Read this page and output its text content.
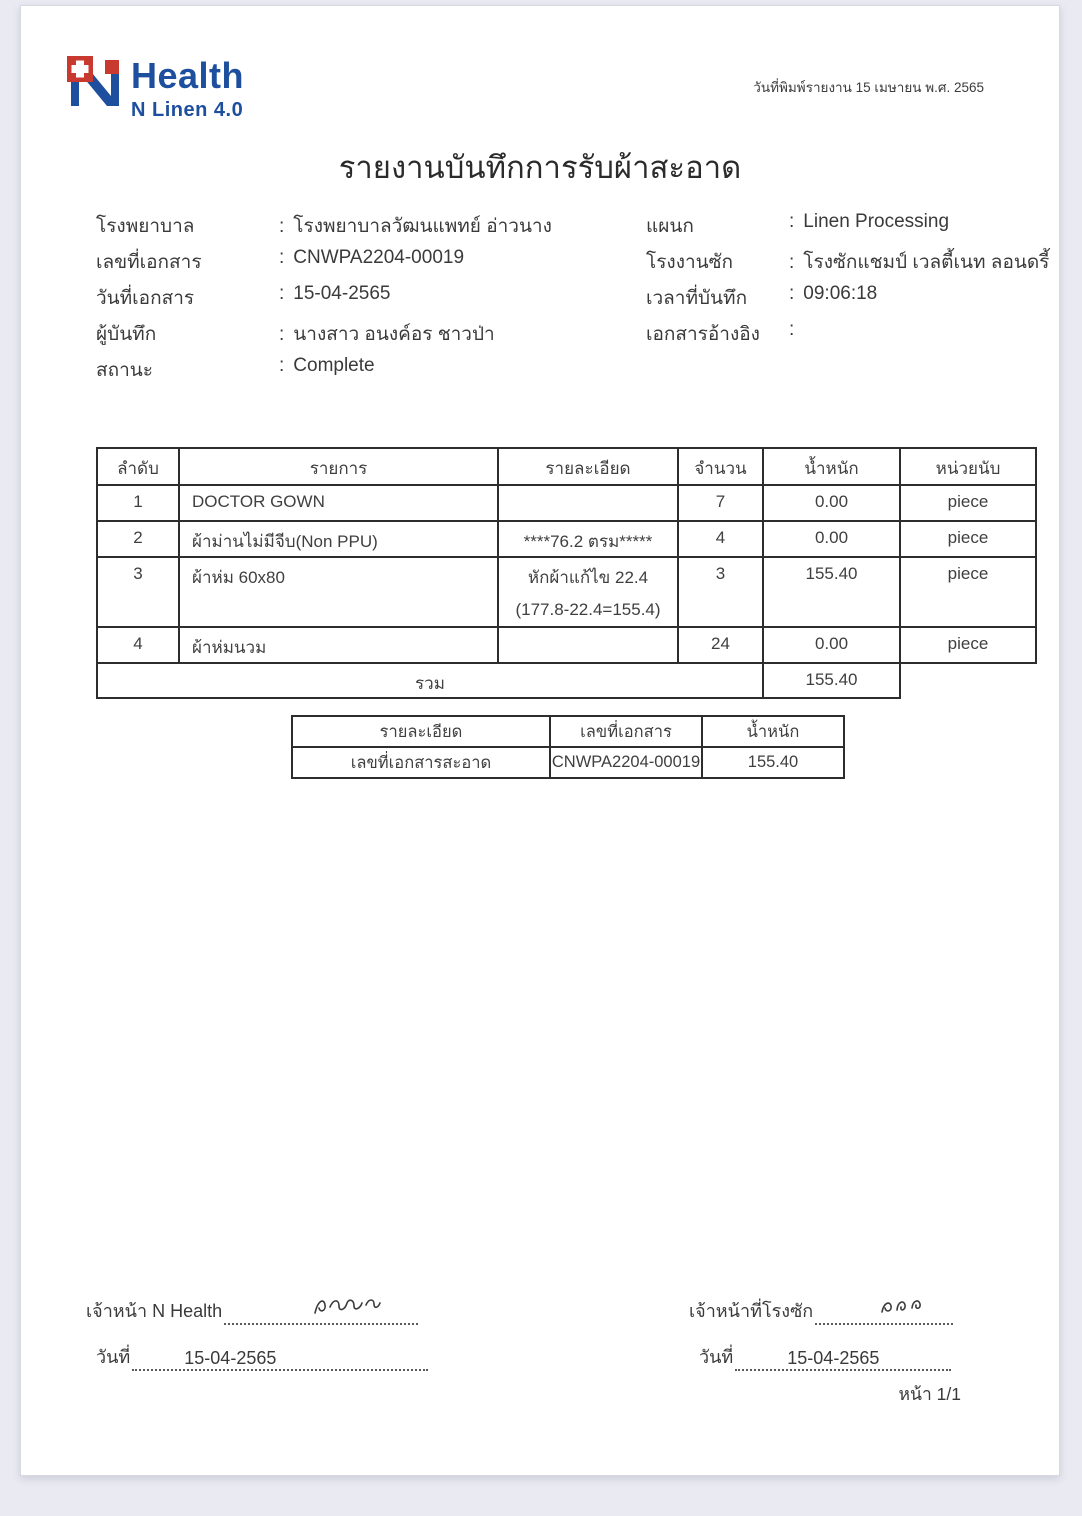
Health
N Linen 4.0
วันที่พิมพ์รายงาน 15 เมษายน พ.ศ. 2565
รายงานบันทึกการรับผ้าสะอาด
โรงพยาบาล	: โรงพยาบาลวัฒนแพทย์ อ่าวนาง
เลขที่เอกสาร	: CNWPA2204-00019
วันที่เอกสาร	: 15-04-2565
ผู้บันทึก	: นางสาว อนงค์อร ชาวป่า
สถานะ	: Complete
แผนก	: Linen Processing
โรงงานซัก	: โรงซักแชมป์ เวลตี้เนท ลอนดรี้
เวลาที่บันทึก : 09:06:18
เอกสารอ้างอิง :
ลำดับ	รายการ	รายละเอียด	จำนวน	น้ำหนัก	หน่วยนับ
1	DOCTOR GOWN		7	0.00	piece
2	ผ้าม่านไม่มีจีบ(Non PPU)	****76.2 ตรม*****	4	0.00	piece
3	ผ้าห่ม 60x80	หักผ้าแก้ไข 22.4
(177.8-22.4=155.4)	3	155.40	piece
4	ผ้าห่มนวม		24	0.00	piece
รวม				155.40	
รายละเอียด	เลขที่เอกสาร	น้ำหนัก
เลขที่เอกสารสะอาด	CNWPA2204-00019	155.40
เจ้าหน้า N Health
วันที่	15-04-2565
เจ้าหน้าที่โรงซัก
วันที่	15-04-2565
หน้า 1/1
